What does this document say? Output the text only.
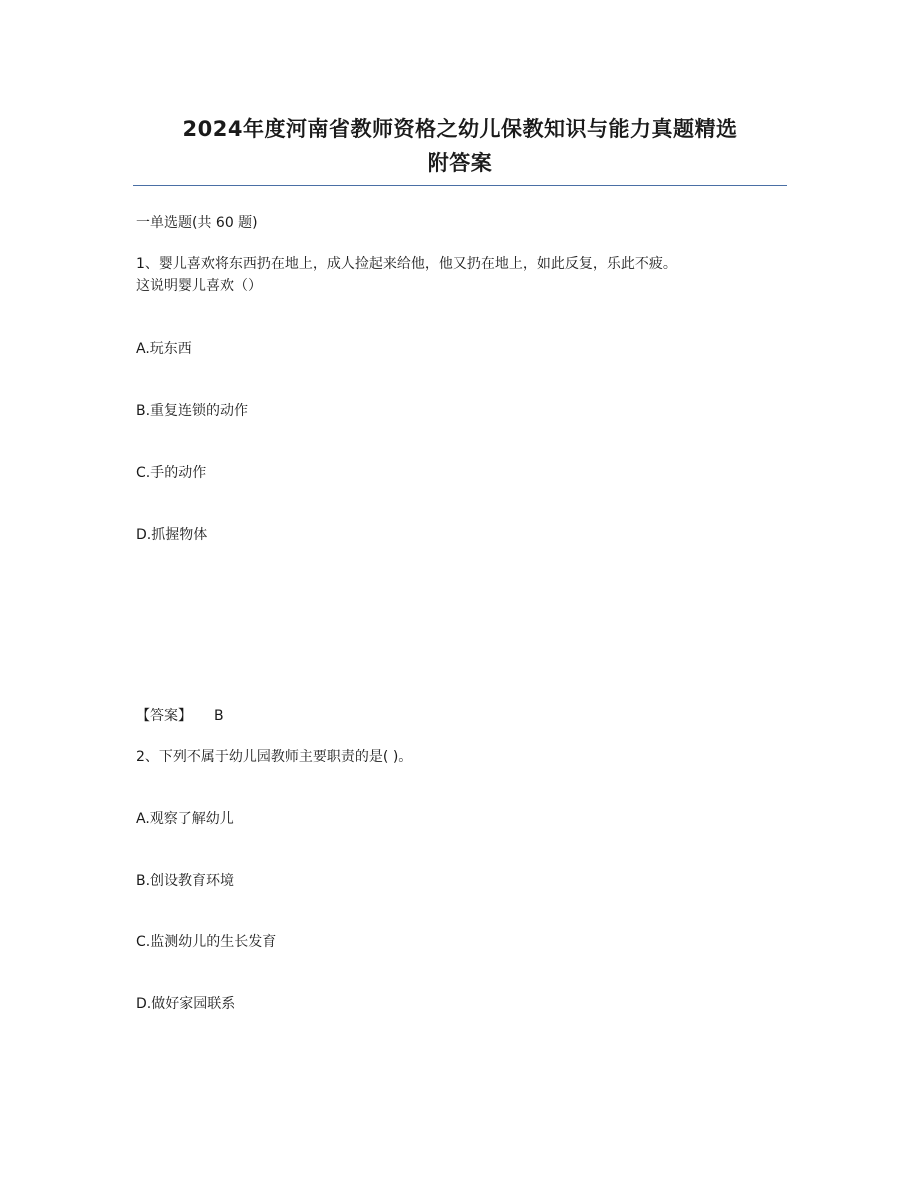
2024年度河南省教师资格之幼儿保教知识与能力真题精选
附答案
一单选题(共 60 题)
1、婴儿喜欢将东西扔在地上，成人捡起来给他，他又扔在地上，如此反复，乐此不疲。
这说明婴儿喜欢（）
A.玩东西
B.重复连锁的动作
C.手的动作
D.抓握物体
【答案】 B
2、下列不属于幼儿园教师主要职责的是( )。
A.观察了解幼儿
B.创设教育环境
C.监测幼儿的生长发育
D.做好家园联系
